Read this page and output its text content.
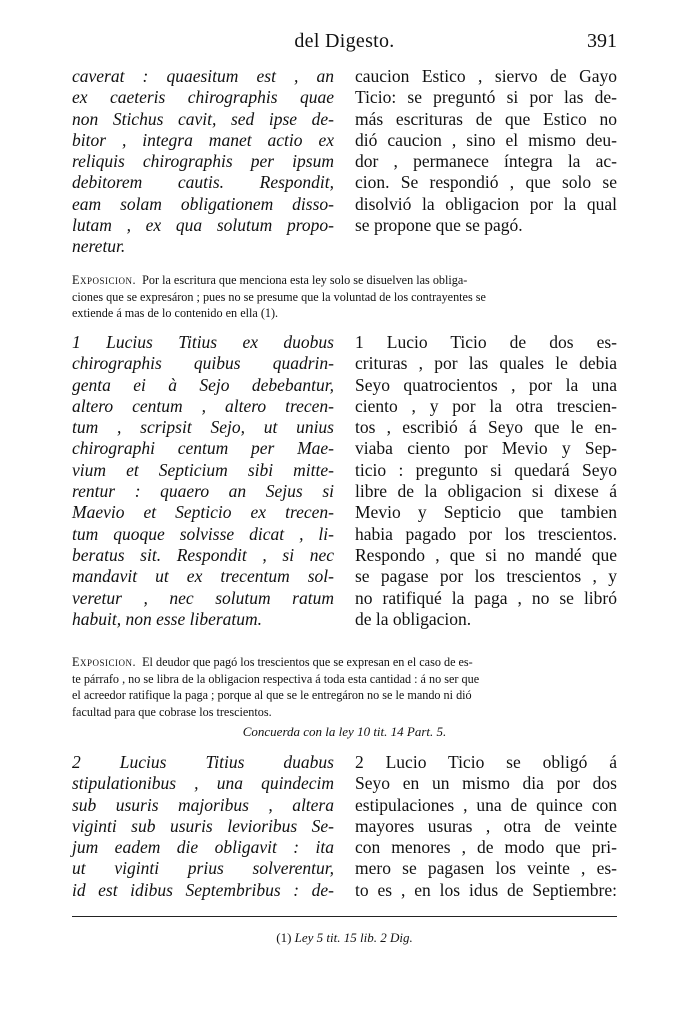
del Digesto.	391
caverat : quaesitum est , an
ex caeteris chirographis quae
non Stichus cavit, sed ipse de-
bitor , integra manet actio ex
reliquis chirographis per ipsum
debitorem cautis. Respondit,
eam solam obligationem disso-
lutam , ex qua solutum propo-
neretur.
caucion Estico , siervo de Gayo
Ticio: se preguntó si por las de-
más escrituras de que Estico no
dió caucion , sino el mismo deu-
dor , permanece íntegra la ac-
cion. Se respondió , que solo se
disolvió la obligacion por la qual
se propone que se pagó.
Exposicion. Por la escritura que menciona esta ley solo se disuelven las obliga-
ciones que se expresáron ; pues no se presume que la voluntad de los contrayentes se
extiende á mas de lo contenido en ella (1).
1 Lucius Titius ex duobus
chirographis quibus quadrin-
genta ei à Sejo debebantur,
altero centum , altero trecen-
tum , scripsit Sejo, ut unius
chirographi centum per Mae-
vium et Septicium sibi mitte-
rentur : quaero an Sejus si
Maevio et Septicio ex trecen-
tum quoque solvisse dicat , li-
beratus sit. Respondit , si nec
mandavit ut ex trecentum sol-
veretur , nec solutum ratum
habuit, non esse liberatum.
1 Lucio Ticio de dos es-
crituras , por las quales le debia
Seyo quatrocientos , por la una
ciento , y por la otra trescien-
tos , escribió á Seyo que le en-
viaba ciento por Mevio y Sep-
ticio : pregunto si quedará Seyo
libre de la obligacion si dixese á
Mevio y Septicio que tambien
habia pagado por los trescientos.
Respondo , que si no mandé que
se pagase por los trescientos , y
no ratifiqué la paga , no se libró
de la obligacion.
Exposicion. El deudor que pagó los trescientos que se expresan en el caso de es-
te párrafo , no se libra de la obligacion respectiva á toda esta cantidad : á no ser que
el acreedor ratifique la paga ; porque al que se le entregáron no se le mando ni dió
facultad para que cobrase los trescientos.
Concuerda con la ley 10 tit. 14 Part. 5.
2 Lucius Titius duabus
stipulationibus , una quindecim
sub usuris majoribus , altera
viginti sub usuris levioribus Se-
jum eadem die obligavit : ita
ut viginti prius solverentur,
id est idibus Septembribus : de-
2 Lucio Ticio se obligó á
Seyo en un mismo dia por dos
estipulaciones , una de quince con
mayores usuras , otra de veinte
con menores , de modo que pri-
mero se pagasen los veinte , es-
to es , en los idus de Septiembre:
(1) Ley 5 tit. 15 lib. 2 Dig.
